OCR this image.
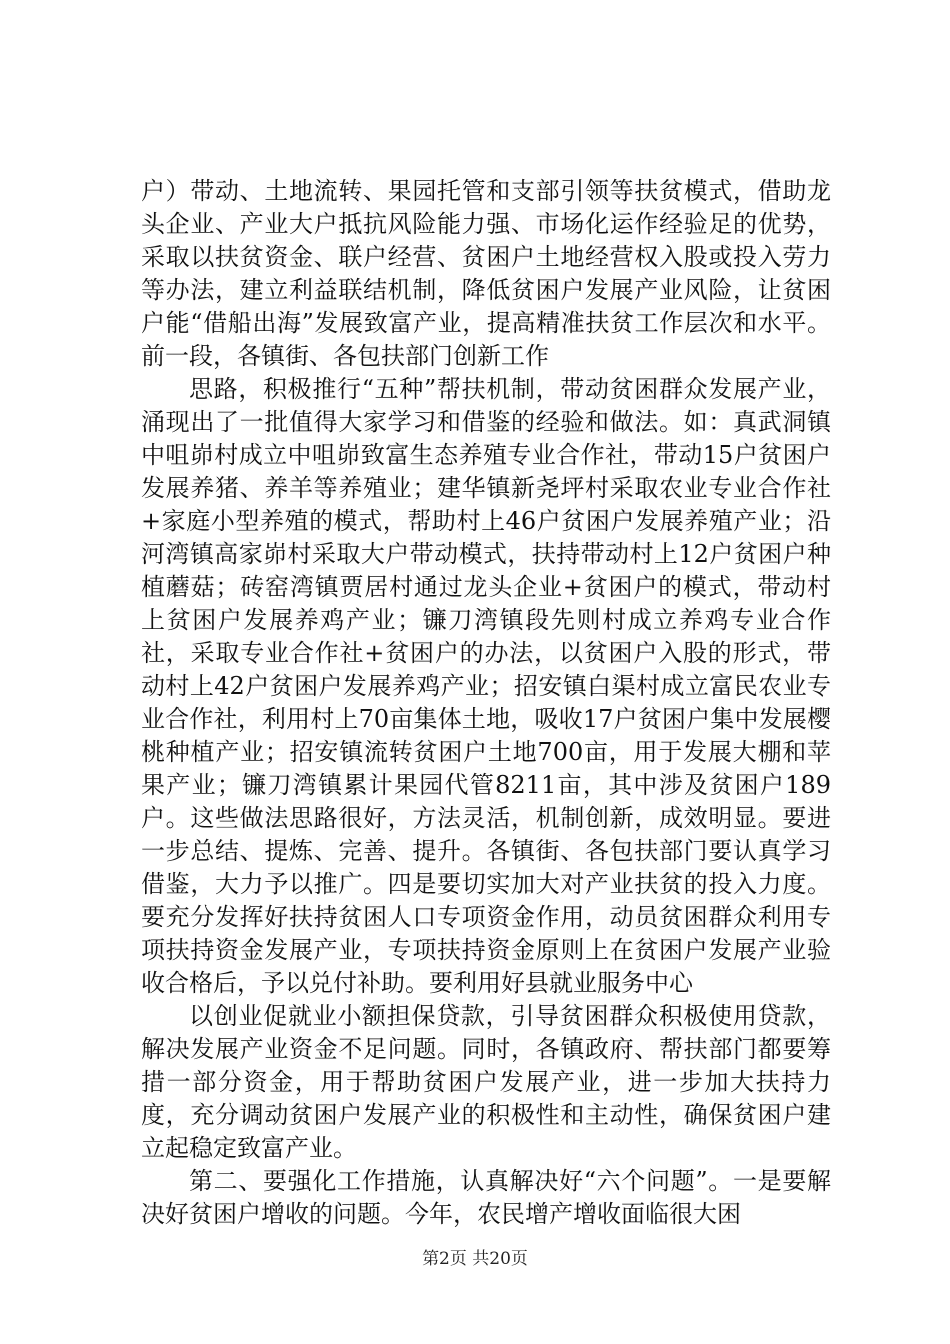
户）带动、土地流转、果园托管和支部引领等扶贫模式，借助龙头企业、产业大户抵抗风险能力强、市场化运作经验足的优势，采取以扶贫资金、联户经营、贫困户土地经营权入股或投入劳力等办法，建立利益联结机制，降低贫困户发展产业风险，让贫困户能“借船出海”发展致富产业，提高精准扶贫工作层次和水平。前一段，各镇街、各包扶部门创新工作

思路，积极推行“五种”帮扶机制，带动贫困群众发展产业，涌现出了一批值得大家学习和借鉴的经验和做法。如：真武洞镇中咀峁村成立中咀峁致富生态养殖专业合作社，带动15户贫困户发展养猪、养羊等养殖业；建华镇新尧坪村采取农业专业合作社+家庭小型养殖的模式，帮助村上46户贫困户发展养殖产业；沿河湾镇高家峁村采取大户带动模式，扶持带动村上12户贫困户种植蘑菇；砖窑湾镇贾居村通过龙头企业+贫困户的模式，带动村上贫困户发展养鸡产业；镰刀湾镇段先则村成立养鸡专业合作社，采取专业合作社+贫困户的办法，以贫困户入股的形式，带动村上42户贫困户发展养鸡产业；招安镇白渠村成立富民农业专业合作社，利用村上70亩集体土地，吸收17户贫困户集中发展樱桃种植产业；招安镇流转贫困户土地700亩，用于发展大棚和苹果产业；镰刀湾镇累计果园代管8211亩，其中涉及贫困户189户。这些做法思路很好，方法灵活，机制创新，成效明显。要进一步总结、提炼、完善、提升。各镇街、各包扶部门要认真学习借鉴，大力予以推广。四是要切实加大对产业扶贫的投入力度。要充分发挥好扶持贫困人口专项资金作用，动员贫困群众利用专项扶持资金发展产业，专项扶持资金原则上在贫困户发展产业验收合格后，予以兑付补助。要利用好县就业服务中心

以创业促就业小额担保贷款，引导贫困群众积极使用贷款，解决发展产业资金不足问题。同时，各镇政府、帮扶部门都要筹措一部分资金，用于帮助贫困户发展产业，进一步加大扶持力度，充分调动贫困户发展产业的积极性和主动性，确保贫困户建立起稳定致富产业。

第二、要强化工作措施，认真解决好“六个问题”。一是要解决好贫困户增收的问题。今年，农民增产增收面临很大困

第2页 共20页
